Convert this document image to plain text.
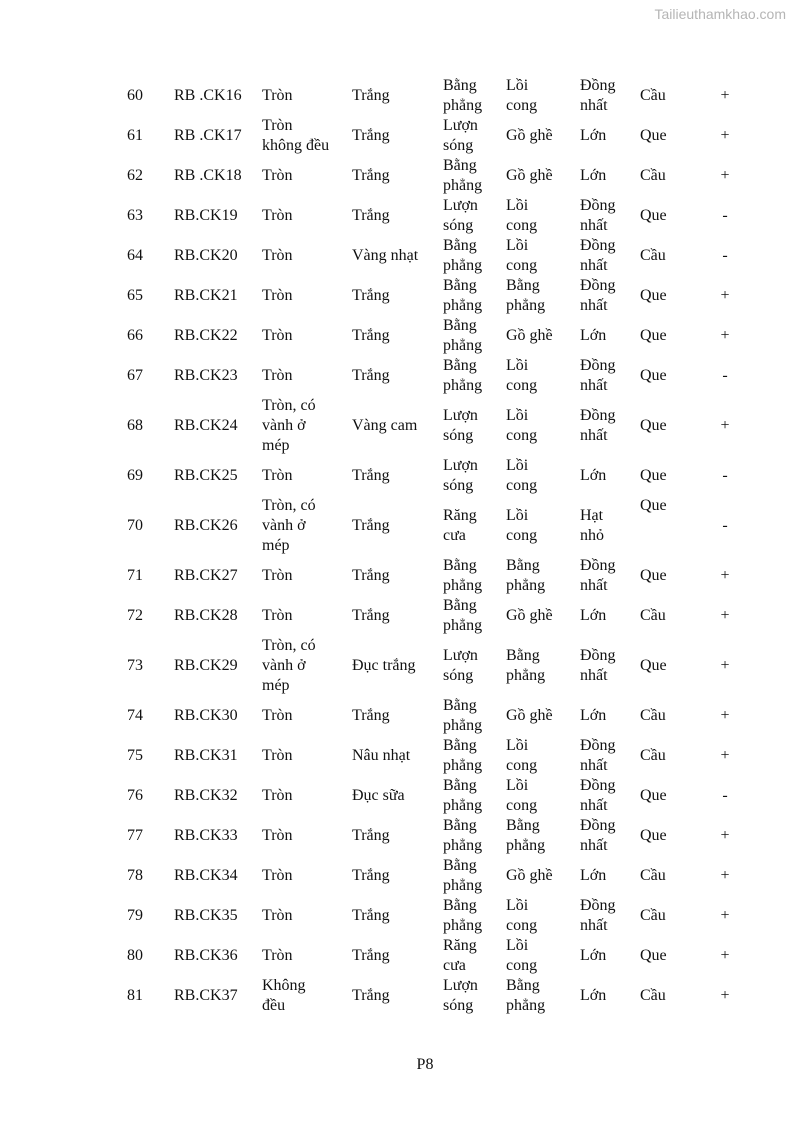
Tailieuthamkhao.com
60	RB .CK16	Tròn	Trắng	Bằng
phẳng	Lồi
cong	Đồng
nhất	Cầu	+
61	RB .CK17	Tròn
không đều	Trắng	Lượn
sóng	Gồ ghề	Lớn	Que	+
62	RB .CK18	Tròn	Trắng	Bằng
phẳng	Gồ ghề	Lớn	Cầu	+
63	RB.CK19	Tròn	Trắng	Lượn
sóng	Lồi
cong	Đồng
nhất	Que	-
64	RB.CK20	Tròn	Vàng nhạt	Bằng
phẳng	Lồi
cong	Đồng
nhất	Cầu	-
65	RB.CK21	Tròn	Trắng	Bằng
phẳng	Bằng
phẳng	Đồng
nhất	Que	+
66	RB.CK22	Tròn	Trắng	Bằng
phẳng	Gồ ghề	Lớn	Que	+
67	RB.CK23	Tròn	Trắng	Bằng
phẳng	Lồi
cong	Đồng
nhất	Que	-
68	RB.CK24	Tròn, có
vành ở
mép	Vàng cam	Lượn
sóng	Lồi
cong	Đồng
nhất	Que	+
69	RB.CK25	Tròn	Trắng	Lượn
sóng	Lồi
cong	Lớn	Que	-
70	RB.CK26	Tròn, có
vành ở
mép	Trắng	Răng
cưa	Lồi
cong	Hạt
nhỏ	Que	-
71	RB.CK27	Tròn	Trắng	Bằng
phẳng	Bằng
phẳng	Đồng
nhất	Que	+
72	RB.CK28	Tròn	Trắng	Bằng
phẳng	Gồ ghề	Lớn	Cầu	+
73	RB.CK29	Tròn, có
vành ở
mép	Đục trắng	Lượn
sóng	Bằng
phẳng	Đồng
nhất	Que	+
74	RB.CK30	Tròn	Trắng	Bằng
phẳng	Gồ ghề	Lớn	Cầu	+
75	RB.CK31	Tròn	Nâu nhạt	Bằng
phẳng	Lồi
cong	Đồng
nhất	Cầu	+
76	RB.CK32	Tròn	Đục sữa	Bằng
phẳng	Lồi
cong	Đồng
nhất	Que	-
77	RB.CK33	Tròn	Trắng	Bằng
phẳng	Bằng
phẳng	Đồng
nhất	Que	+
78	RB.CK34	Tròn	Trắng	Bằng
phẳng	Gồ ghề	Lớn	Cầu	+
79	RB.CK35	Tròn	Trắng	Bằng
phẳng	Lồi
cong	Đồng
nhất	Cầu	+
80	RB.CK36	Tròn	Trắng	Răng
cưa	Lồi
cong	Lớn	Que	+
81	RB.CK37	Không
đều	Trắng	Lượn
sóng	Bằng
phẳng	Lớn	Cầu	+
P8
